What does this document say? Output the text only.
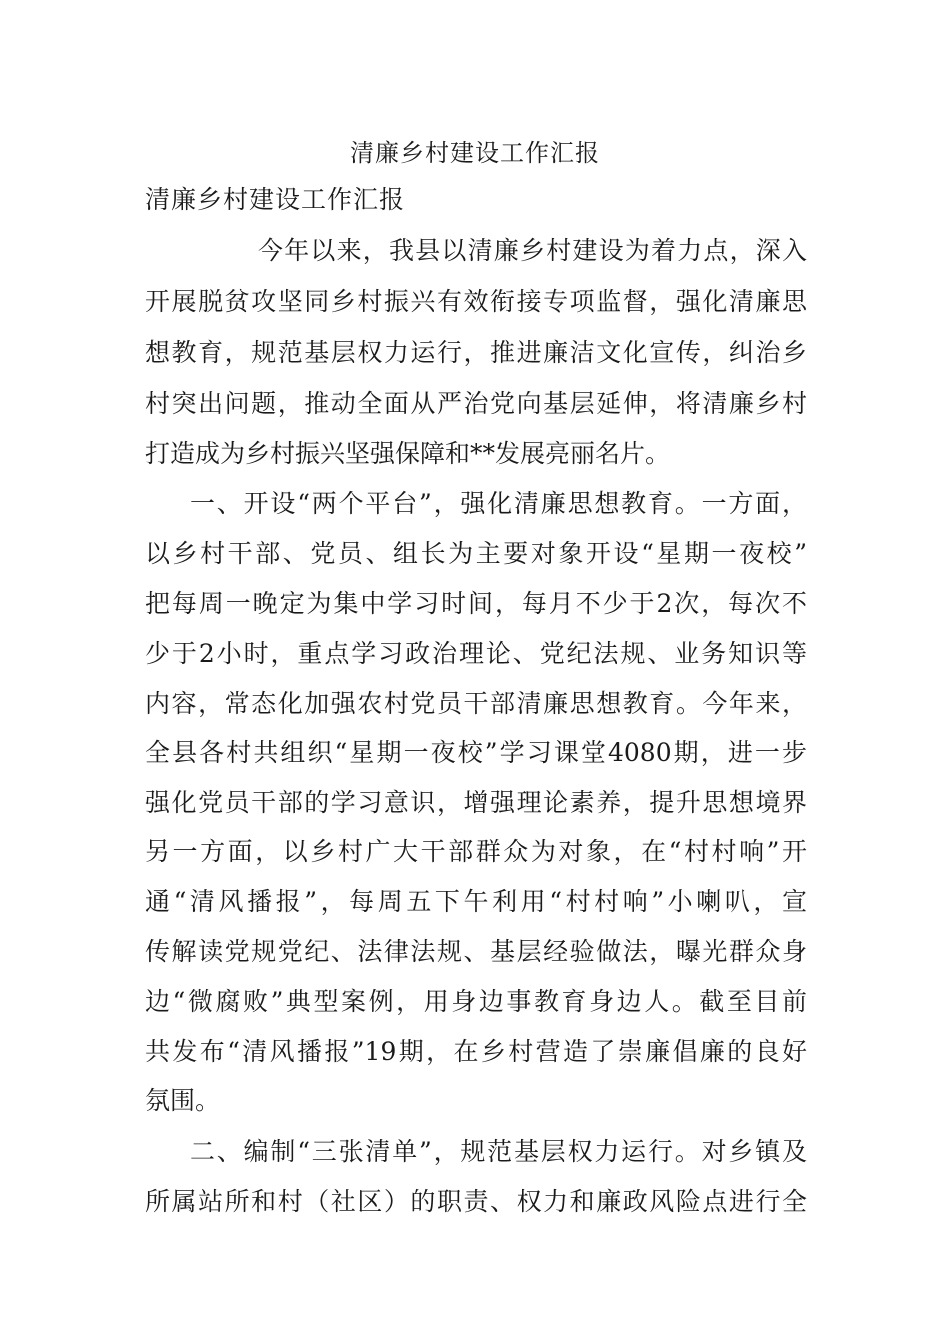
清廉乡村建设工作汇报
清廉乡村建设工作汇报
今年以来，我县以清廉乡村建设为着力点，深入
开展脱贫攻坚同乡村振兴有效衔接专项监督，强化清廉思
想教育，规范基层权力运行，推进廉洁文化宣传，纠治乡
村突出问题，推动全面从严治党向基层延伸，将清廉乡村
打造成为乡村振兴坚强保障和**发展亮丽名片。
一、开设“两个平台”，强化清廉思想教育。一方面，
以乡村干部、党员、组长为主要对象开设“星期一夜校”
把每周一晚定为集中学习时间，每月不少于2次，每次不
少于2小时，重点学习政治理论、党纪法规、业务知识等
内容，常态化加强农村党员干部清廉思想教育。今年来，
全县各村共组织“星期一夜校”学习课堂4080期，进一步
强化党员干部的学习意识，增强理论素养，提升思想境界
另一方面，以乡村广大干部群众为对象，在“村村响”开
通“清风播报”，每周五下午利用“村村响”小喇叭，宣
传解读党规党纪、法律法规、基层经验做法，曝光群众身
边“微腐败”典型案例，用身边事教育身边人。截至目前
共发布“清风播报”19期，在乡村营造了崇廉倡廉的良好
氛围。
二、编制“三张清单”，规范基层权力运行。对乡镇及
所属站所和村（社区）的职责、权力和廉政风险点进行全
